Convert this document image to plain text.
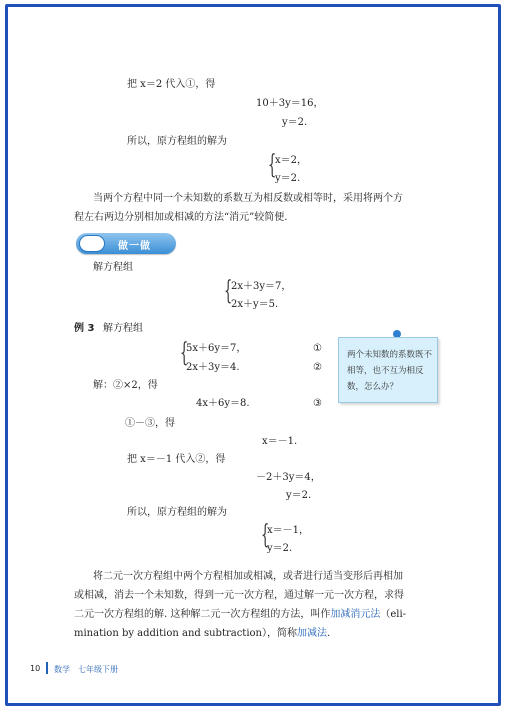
把 x＝2 代入①，得
10＋3y＝16，
y＝2.
所以，原方程组的解为
{
x＝2，
y＝2.
当两个方程中同一个未知数的系数互为相反数或相等时，采用将两个方
程左右两边分别相加或相减的方法“消元”较简便.
做一做
解方程组
{
2x＋3y＝7，
2x＋y＝5.
例 3 解方程组
{
5x＋6y＝7，	①
2x＋3y＝4.	②
解：②×2，得
4x＋6y＝8.	③
①－③，得
x＝－1.
把 x＝－1 代入②，得
－2＋3y＝4，
y＝2.
所以，原方程组的解为
{
x＝－1，
y＝2.
两个未知数的系数既不相等，也不互为相反数，怎么办？
将二元一次方程组中两个方程相加或相减，或者进行适当变形后再相加
或相减，消去一个未知数，得到一元一次方程，通过解一元一次方程，求得
二元一次方程组的解. 这种解二元一次方程组的方法，叫作加减消元法（eli-
mination by addition and subtraction），简称加减法.
10 数学　七年级下册
